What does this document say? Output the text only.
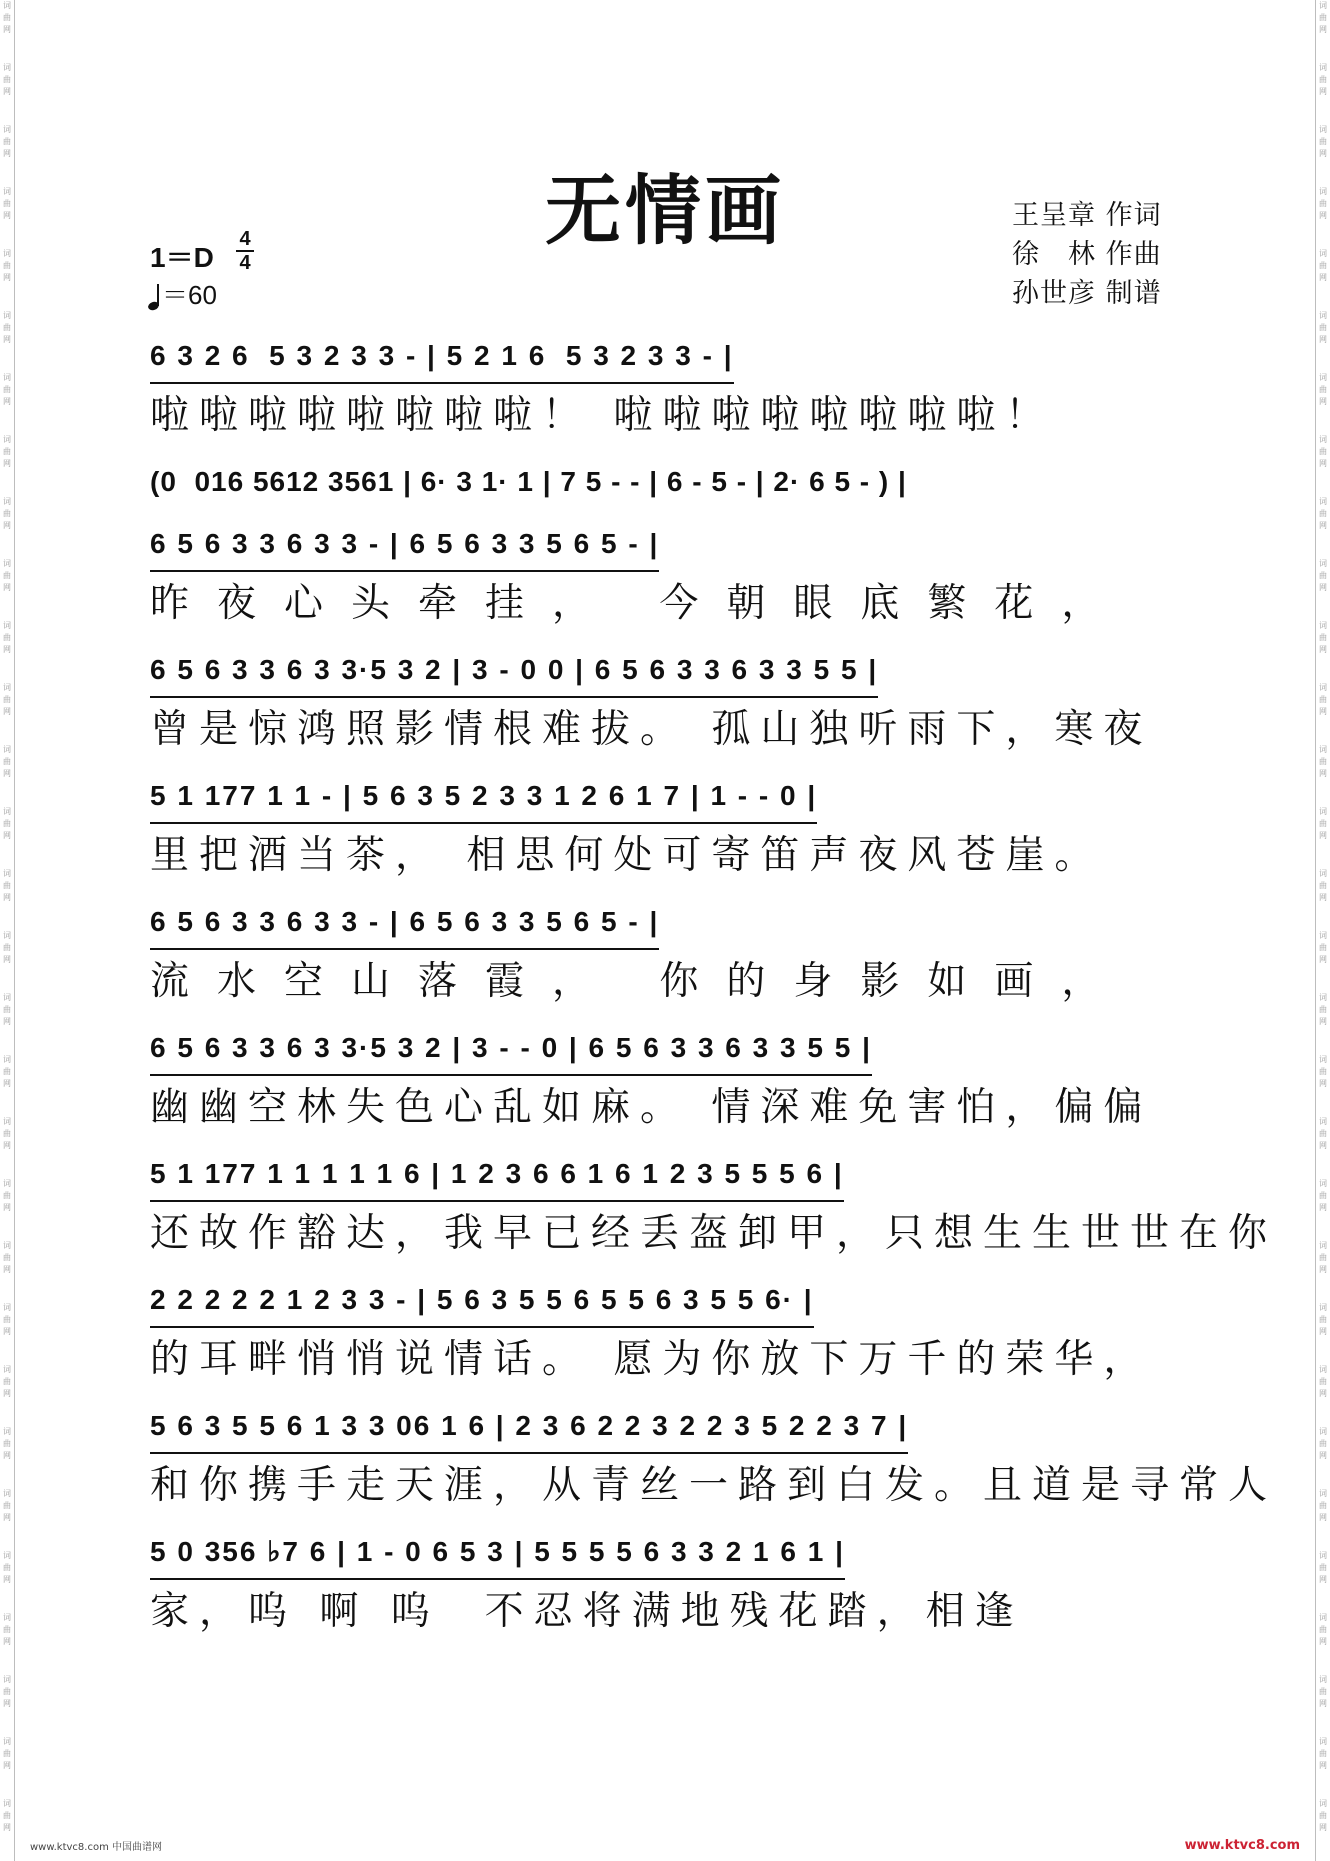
词曲网
词曲网
词曲网
词曲网
词曲网
词曲网
词曲网
词曲网
词曲网
词曲网
词曲网
词曲网
词曲网
词曲网
词曲网
词曲网
词曲网
词曲网
词曲网
词曲网
词曲网
词曲网
词曲网
词曲网
词曲网
词曲网
词曲网
词曲网
词曲网
词曲网
词曲网
词曲网
词曲网
词曲网
词曲网
词曲网
词曲网
词曲网
词曲网
词曲网
词曲网
词曲网
词曲网
词曲网
词曲网
词曲网
词曲网
词曲网
词曲网
词曲网
词曲网
词曲网
词曲网
词曲网
词曲网
词曲网
词曲网
词曲网
词曲网
词曲网
无情画	王呈章 作词
徐　林 作曲
孙世彦 制谱
1＝D
4
4
＝60
6 3 2 6  5 3 2 3 3 - | 5 2 1 6  5 3 2 3 3 - |
啦啦啦啦啦啦啦啦！ 啦啦啦啦啦啦啦啦！
(0  016 5612 3561 | 6· 3 1· 1 | 7 5 - - | 6 - 5 - | 2· 6 5 - ) |
6 5 6 3 3 6 3 3 - | 6 5 6 3 3 5 6 5 - |
昨夜心头牵挂， 今朝眼底繁花，
6 5 6 3 3 6 3 3·5 3 2 | 3 - 0 0 | 6 5 6 3 3 6 3 3 5 5 |
曾是惊鸿照影情根难拔。 孤山独听雨下，寒夜
5 1 177 1 1 - | 5 6 3 5 2 3 3 1 2 6 1 7 | 1 - - 0 |
里把酒当茶， 相思何处可寄笛声夜风苍崖。
6 5 6 3 3 6 3 3 - | 6 5 6 3 3 5 6 5 - |
流水空山落霞， 你的身影如画，
6 5 6 3 3 6 3 3·5 3 2 | 3 - - 0 | 6 5 6 3 3 6 3 3 5 5 |
幽幽空林失色心乱如麻。 情深难免害怕，偏偏
5 1 177 1 1 1 1 1 6 | 1 2 3 6 6 1 6 1 2 3 5 5 5 6 |
还故作豁达，我早已经丢盔卸甲，只想生生世世在你
2 2 2 2 2 1 2 3 3 - | 5 6 3 5 5 6 5 5 6 3 5 5 6· |
的耳畔悄悄说情话。 愿为你放下万千的荣华，
5 6 3 5 5 6 1 3 3 06 1 6 | 2 3 6 2 2 3 2 2 3 5 2 2 3 7 |
和你携手走天涯，从青丝一路到白发。且道是寻常人
5 0 356 ♭7 6 | 1 - 0 6 5 3 | 5 5 5 5 6 3 3 2 1 6 1 |
家，呜 啊 呜  不忍将满地残花踏，相逢
www.ktvc8.com 中国曲谱网	www.ktvc8.com
